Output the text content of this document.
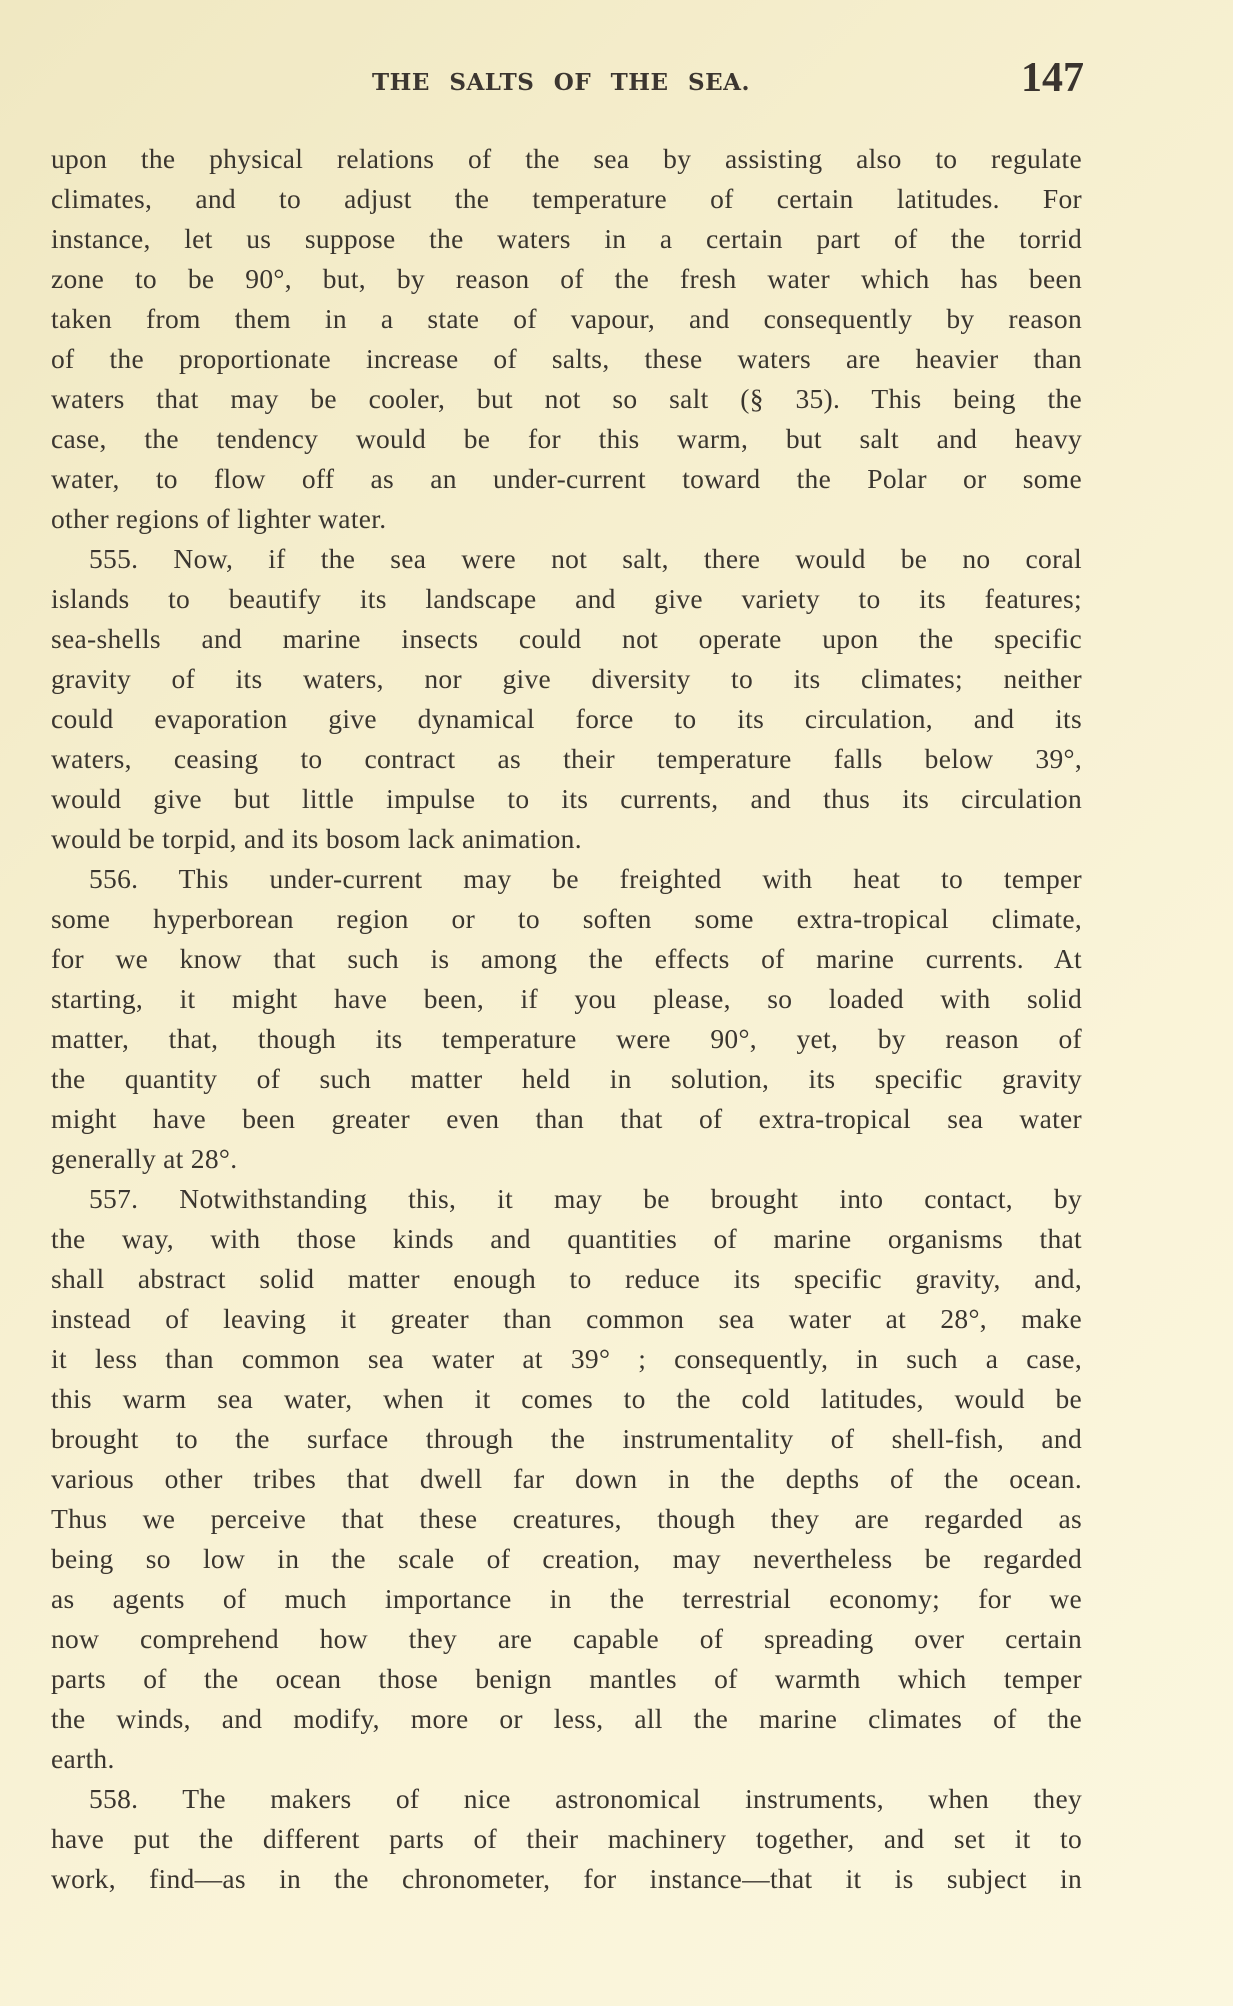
THE SALTS OF THE SEA.	147
upon the physical relations of the sea by assisting also to regulate
climates, and to adjust the temperature of certain latitudes. For
instance, let us suppose the waters in a certain part of the torrid
zone to be 90°, but, by reason of the fresh water which has been
taken from them in a state of vapour, and consequently by reason
of the proportionate increase of salts, these waters are heavier than
waters that may be cooler, but not so salt (§ 35). This being the
case, the tendency would be for this warm, but salt and heavy
water, to flow off as an under-current toward the Polar or some
other regions of lighter water.
555. Now, if the sea were not salt, there would be no coral
islands to beautify its landscape and give variety to its features;
sea-shells and marine insects could not operate upon the specific
gravity of its waters, nor give diversity to its climates; neither
could evaporation give dynamical force to its circulation, and its
waters, ceasing to contract as their temperature falls below 39°,
would give but little impulse to its currents, and thus its circulation
would be torpid, and its bosom lack animation.
556. This under-current may be freighted with heat to temper
some hyperborean region or to soften some extra-tropical climate,
for we know that such is among the effects of marine currents. At
starting, it might have been, if you please, so loaded with solid
matter, that, though its temperature were 90°, yet, by reason of
the quantity of such matter held in solution, its specific gravity
might have been greater even than that of extra-tropical sea water
generally at 28°.
557. Notwithstanding this, it may be brought into contact, by
the way, with those kinds and quantities of marine organisms that
shall abstract solid matter enough to reduce its specific gravity, and,
instead of leaving it greater than common sea water at 28°, make
it less than common sea water at 39° ; consequently, in such a case,
this warm sea water, when it comes to the cold latitudes, would be
brought to the surface through the instrumentality of shell-fish, and
various other tribes that dwell far down in the depths of the ocean.
Thus we perceive that these creatures, though they are regarded as
being so low in the scale of creation, may nevertheless be regarded
as agents of much importance in the terrestrial economy; for we
now comprehend how they are capable of spreading over certain
parts of the ocean those benign mantles of warmth which temper
the winds, and modify, more or less, all the marine climates of the
earth.
558. The makers of nice astronomical instruments, when they
have put the different parts of their machinery together, and set it to
work, find—as in the chronometer, for instance—that it is subject in
